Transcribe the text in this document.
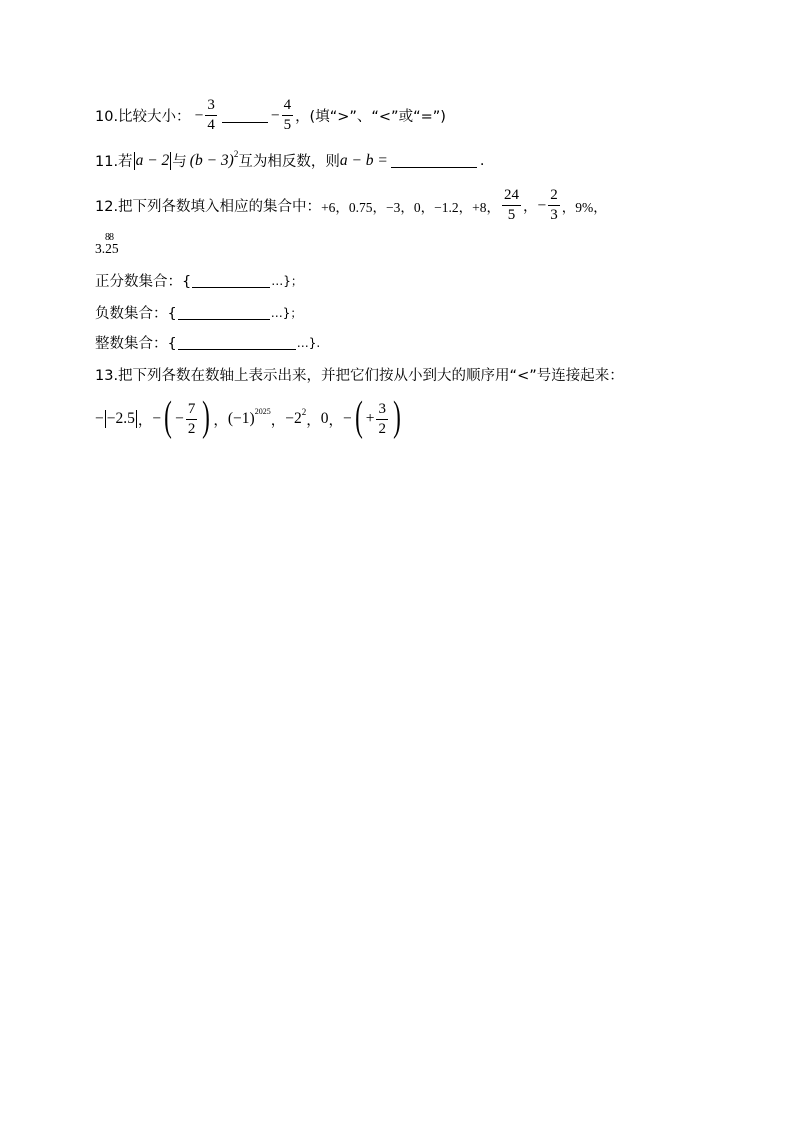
10.比较大小： − $\frac{3}{4}$	− $\frac{4}{5}$ ，(填“>”、“<”或“=”)
11.若 a − 2 与 (b − 3) 2
互为相反数，则 a − b =	.
12.把下列各数填入相应的集合中： +6，0.75，−3，0，−1.2，+8， $\frac{24}{5}$ ， − $\frac{2}{3}$ ，9%，
88
3.25
正分数集合：{	…}；
负数集合：{	…}；
整数集合：{	…}.
13.把下列各数在数轴上表示出来，并把它们按从小到大的顺序用“<”号连接起来：
− −2.5 ， − ( − $\frac{7}{2}$ ) ， (−1) 2025
， −2 2
， 0 ， − ( + $\frac{3}{2}$ )
